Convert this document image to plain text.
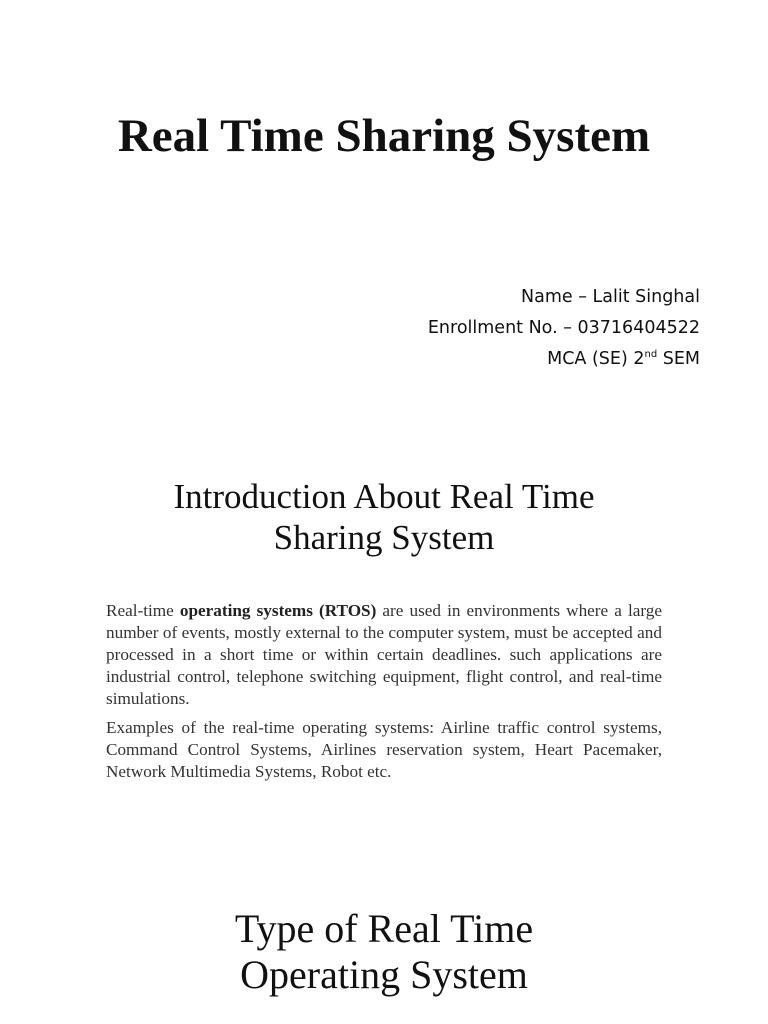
Real Time Sharing System
Name – Lalit Singhal
Enrollment No. – 03716404522
MCA (SE) 2nd SEM
Introduction About Real Time
Sharing System

Real-time operating systems (RTOS) are used in environments where a large number of events, mostly external to the computer system, must be accepted and processed in a short time or within certain deadlines. such applications are industrial control, telephone switching equipment, flight control, and real-time simulations.

Examples of the real-time operating systems: Airline traffic control systems, Command Control Systems, Airlines reservation system, Heart Pacemaker, Network Multimedia Systems, Robot etc.

Type of Real Time
Operating System
